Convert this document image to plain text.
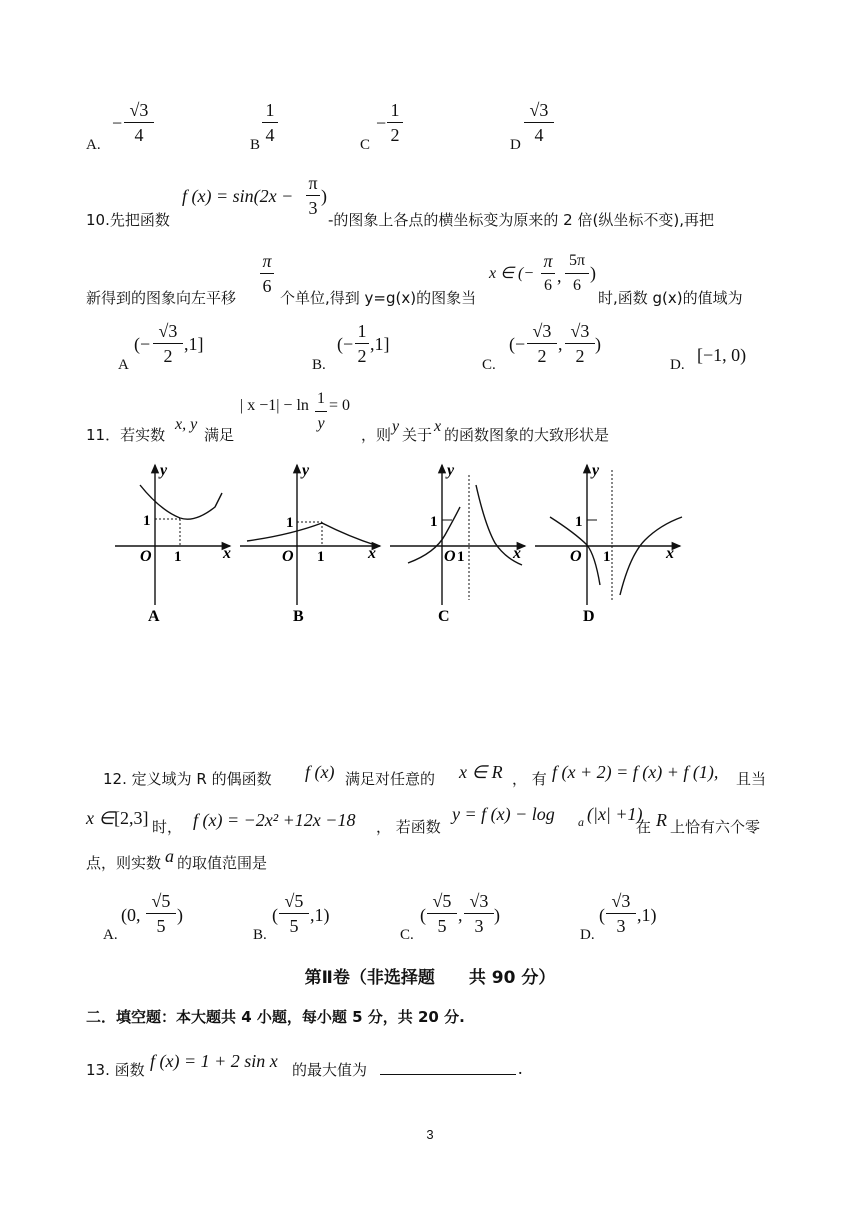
A.
−
√3
4	B
1
4	C
−
1
2	D
√3
4
10.先把函数
f (x) = sin(2x −
π
3
)
-的图象上各点的横坐标变为原来的 2 倍(纵坐标不变),再把
新得到的图象向左平移
π
6
个单位,得到 y=g(x)的图象当
x ∈ (−
π
6 ,
5π
6
)
时,函数 g(x)的值域为
A
(−
√3
2
,1]
B.
(−
1
2
,1]
C.
(−
√3
2
,
√3
2
)
D. [−1, 0)
11．若实数
x, y
满足
| x −1| − ln 1
y
= 0
，则 y 关于 x 的函数图象的大致形状是
y
x
O
1
1
A
y
x
O
1
1
B
y
x
O
1
1
C
y
x
O
1
1
D
12. 定义域为 R 的偶函数 f (x) 满足对任意的 x ∈ R ， 有 f (x + 2) = f (x) + f (1), 且当
x ∈ [2,3] 时， f (x) = −2x² +12x −18 ， 若函数
y = f (x) − log a (|x| +1)
在 R 上恰有六个零
点，则实数 a 的取值范围是
A.
(0,
√5
5
)
B.
(
√5
5
,1)
C.
(
√5
5
,
√3
3
)
D.
(
√3
3
,1)
第Ⅱ卷（非选择题　　共 90 分）
二．填空题：本大题共 4 小题，每小题 5 分，共 20 分.
13. 函数 f (x) = 1 + 2 sin x 的最大值为	.
3
